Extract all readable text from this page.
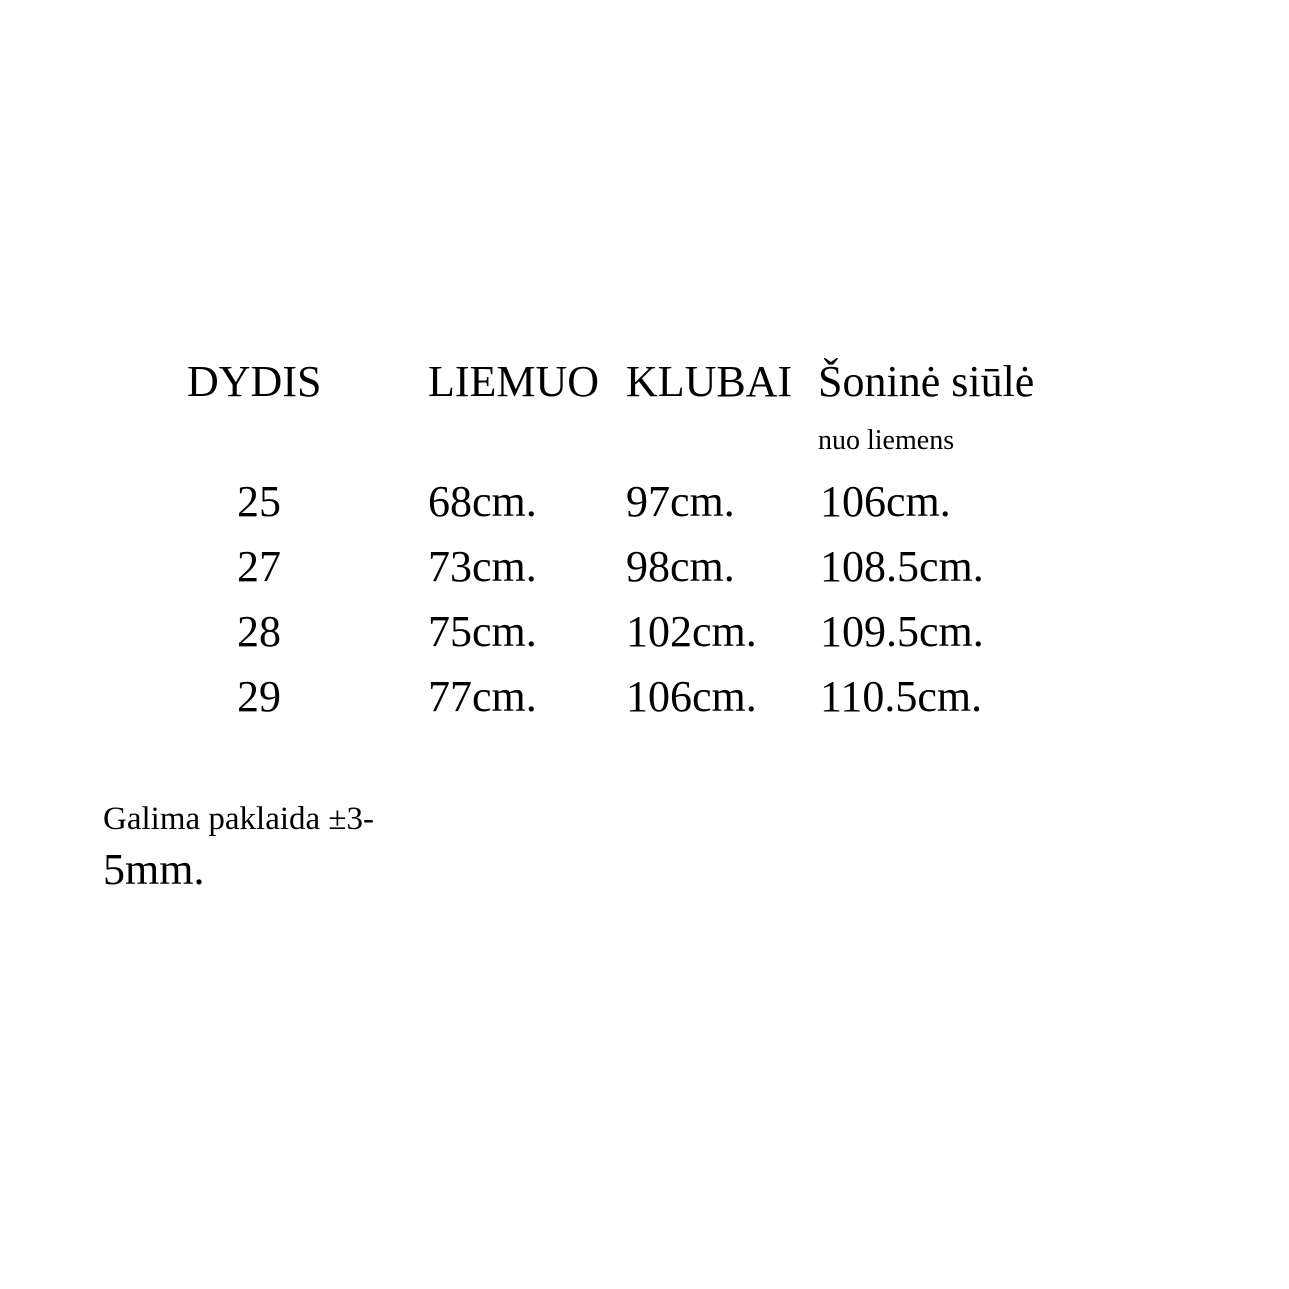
DYDIS LIEMUO KLUBAI Šoninė siūlė
nuo liemens
25	68cm. 97cm. 106cm.
27	73cm. 98cm. 108.5cm.
28	75cm. 102cm. 109.5cm.
29	77cm. 106cm. 110.5cm.
Galima paklaida ±3-
5mm.
